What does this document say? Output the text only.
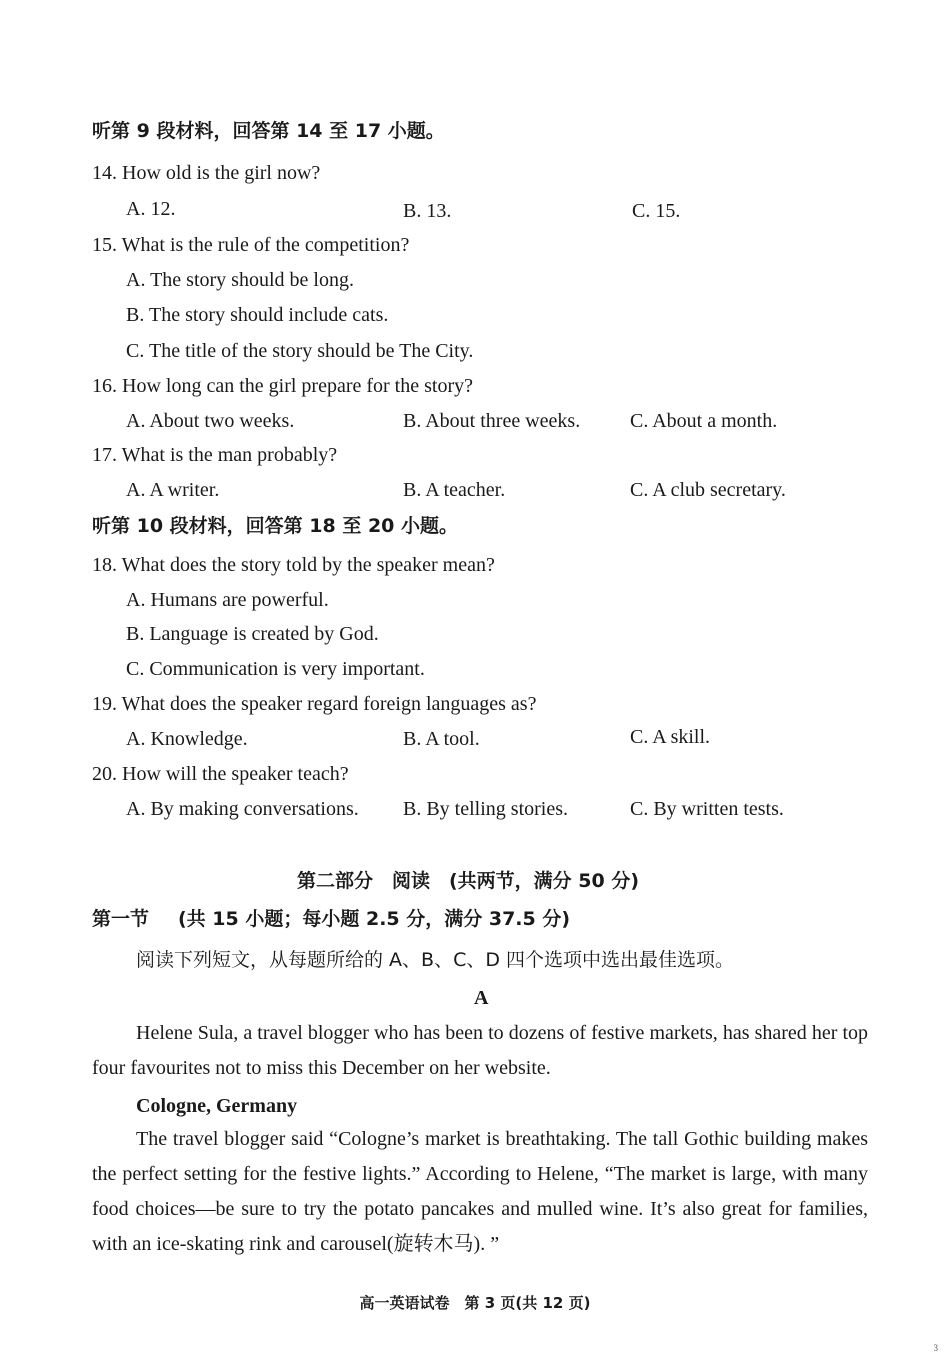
听第 9 段材料，回答第 14 至 17 小题。
14. How old is the girl now?
A. 12.	B. 13.	C. 15.
15. What is the rule of the competition?
A. The story should be long.
B. The story should include cats.
C. The title of the story should be The City.
16. How long can the girl prepare for the story?
A. About two weeks.	B. About three weeks. C. About a month.
17. What is the man probably?
A. A writer.	B. A teacher.	C. A club secretary.
听第 10 段材料，回答第 18 至 20 小题。
18. What does the story told by the speaker mean?
A. Humans are powerful.
B. Language is created by God.
C. Communication is very important.
19. What does the speaker regard foreign languages as?
A. Knowledge.	B. A tool.	C. A skill.
20. How will the speaker teach?
A. By making conversations. B. By telling stories.	C. By written tests.
第二部分　阅读　(共两节，满分 50 分)
第一节 (共 15 小题；每小题 2.5 分，满分 37.5 分)
阅读下列短文，从每题所给的 A、B、C、D 四个选项中选出最佳选项。
A
Helene Sula, a travel blogger who has been to dozens of festive markets, has shared her top four favourites not to miss this December on her website.
Cologne, Germany
The travel blogger said “Cologne’s market is breathtaking. The tall Gothic building makes the perfect setting for the festive lights.” According to Helene, “The market is large, with many food choices—be sure to try the potato pancakes and mulled wine. It’s also great for families, with an ice-skating rink and carousel(旋转木马). ”
高一英语试卷　第 3 页(共 12 页)
3
